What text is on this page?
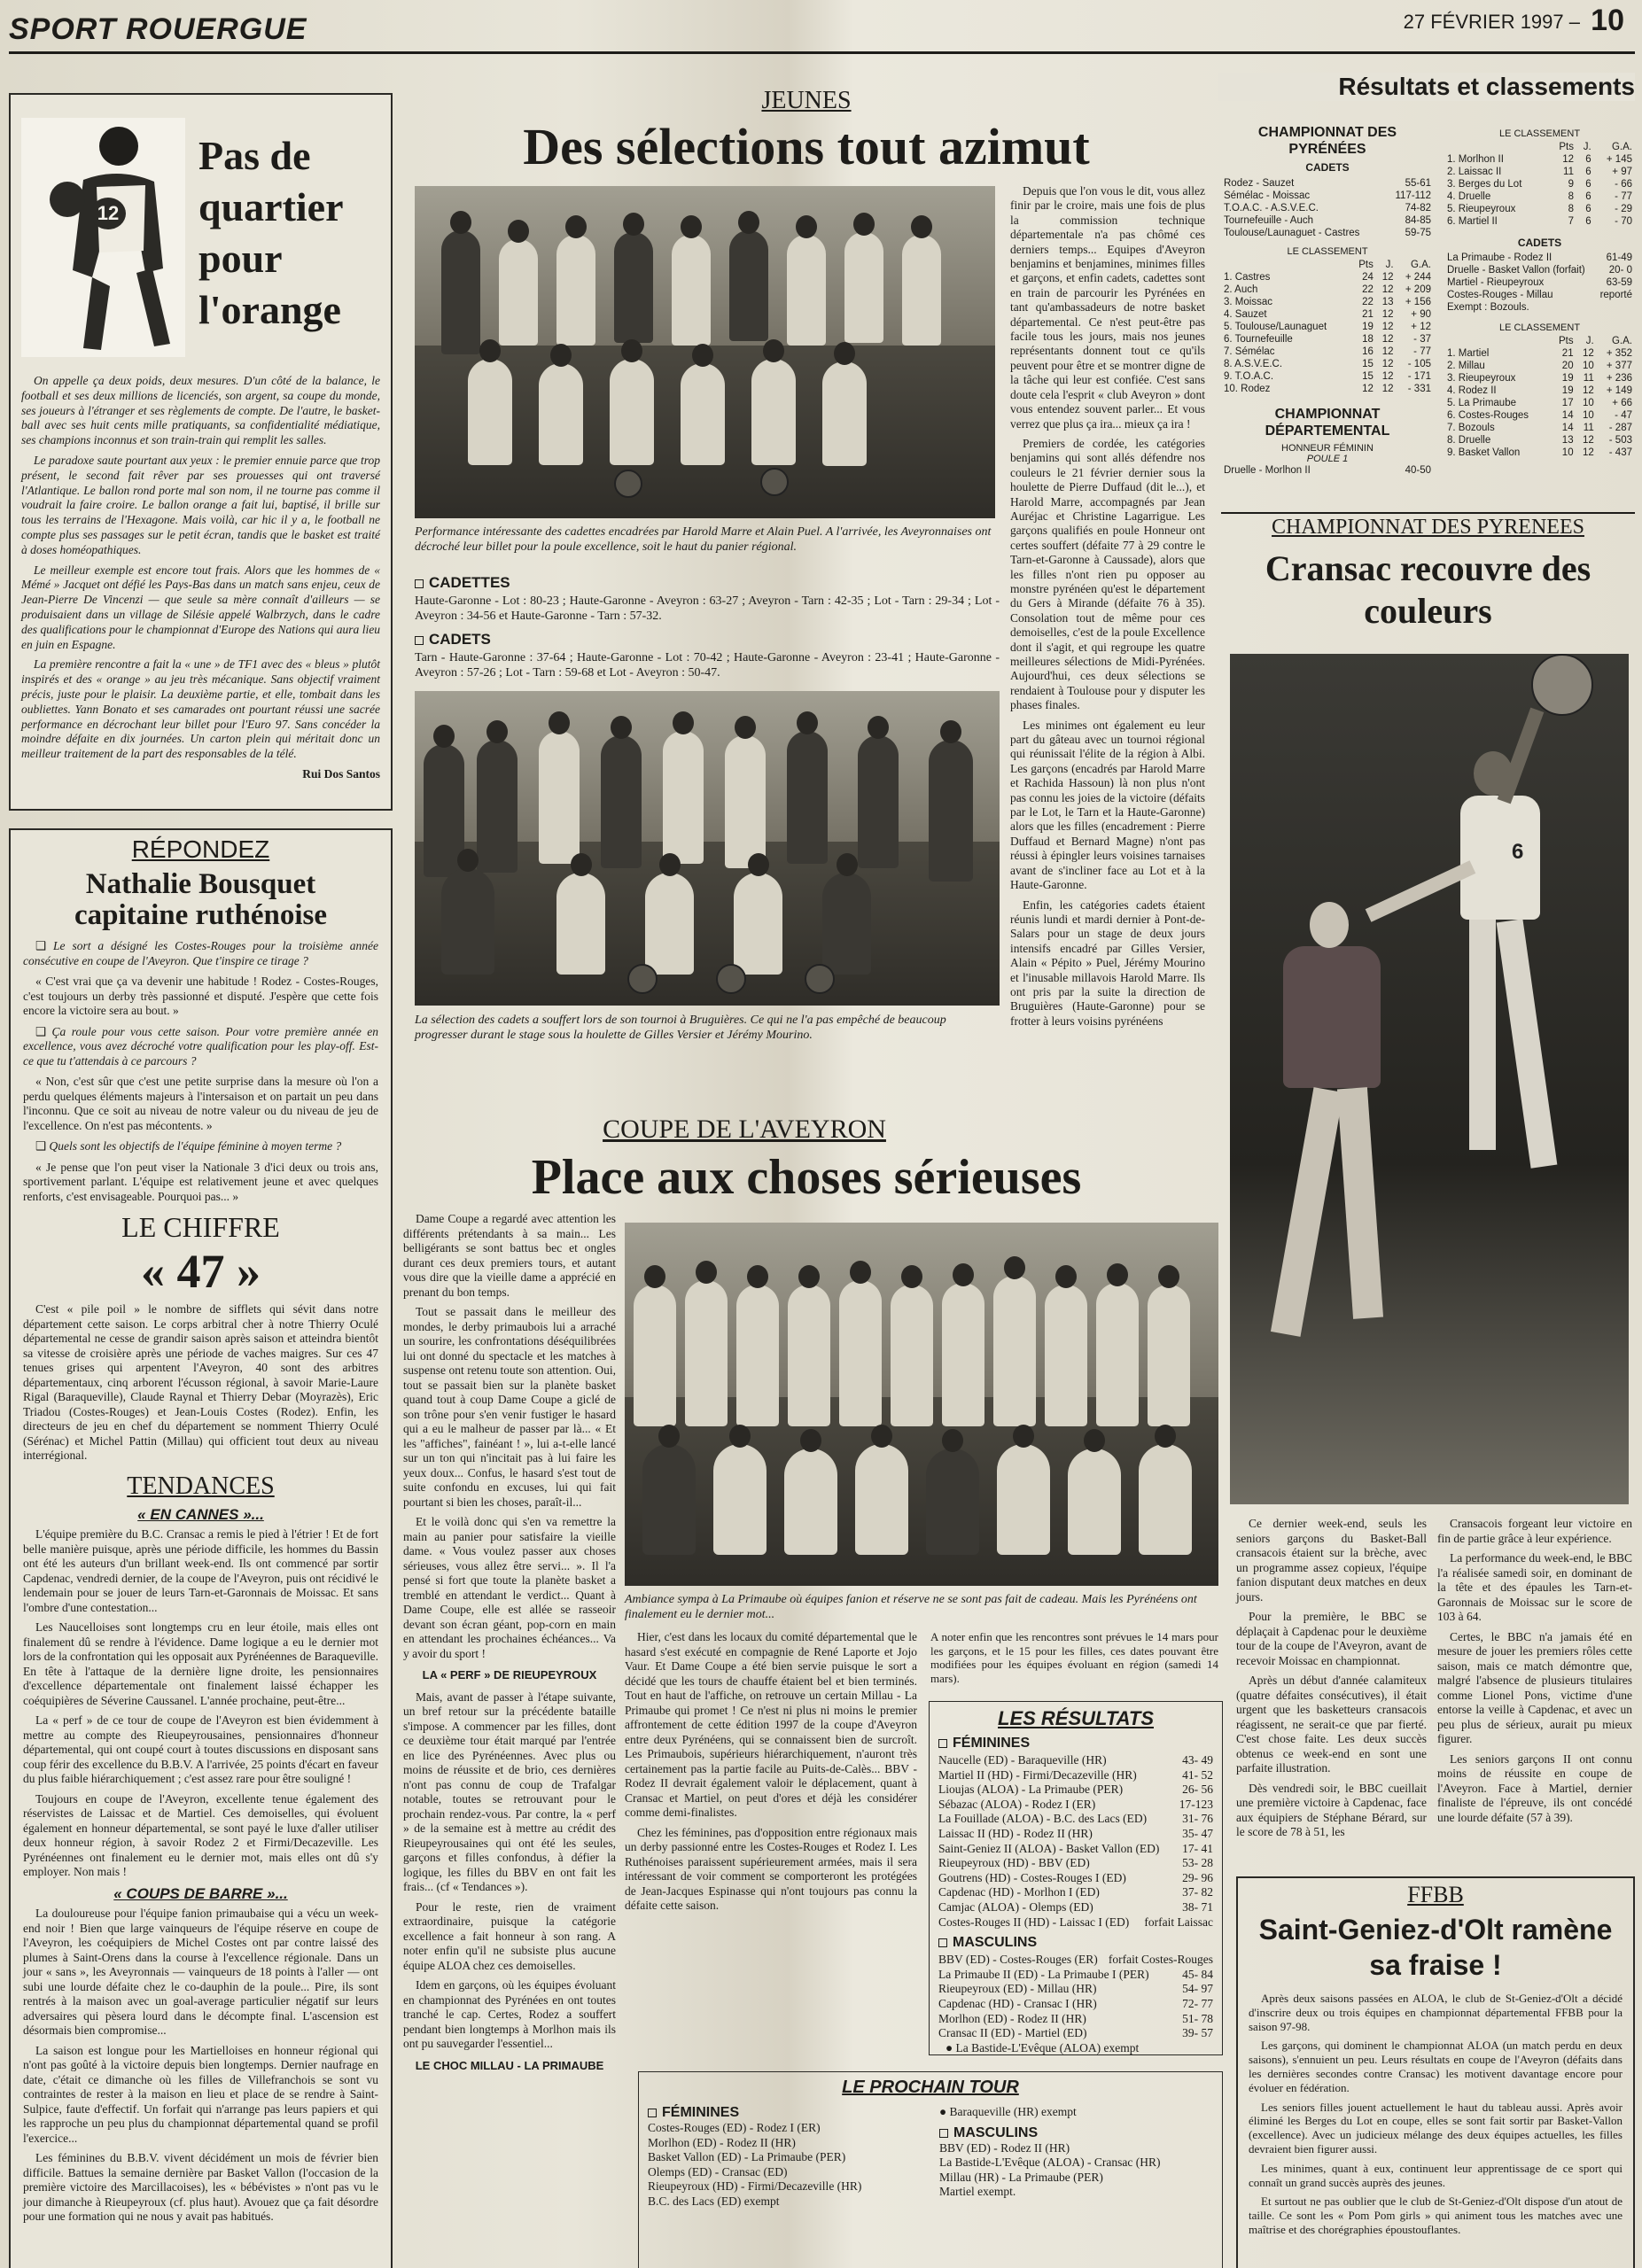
SPORT ROUERGUE	27 FÉVRIER 1997 – 10
12
Pas de quartier pour l'orange

On appelle ça deux poids, deux mesures. D'un côté de la balance, le football et ses deux millions de licenciés, son argent, sa coupe du monde, ses joueurs à l'étranger et ses règlements de compte. De l'autre, le basket-ball avec ses huit cents mille pratiquants, sa confidentialité médiatique, ses champions inconnus et son train-train qui remplit les salles.

Le paradoxe saute pourtant aux yeux : le premier ennuie parce que trop présent, le second fait rêver par ses prouesses qui ont traversé l'Atlantique. Le ballon rond porte mal son nom, il ne tourne pas comme il voudrait la faire croire. Le ballon orange a fait lui, baptisé, il brille sur tous les terrains de l'Hexagone. Mais voilà, car hic il y a, le football ne compte plus ses passages sur le petit écran, tandis que le basket est traité à doses homéopathiques.

Le meilleur exemple est encore tout frais. Alors que les hommes de « Mémé » Jacquet ont défié les Pays-Bas dans un match sans enjeu, ceux de Jean-Pierre De Vincenzi — que seule sa mère connaît d'ailleurs — se produisaient dans un village de Silésie appelé Walbrzych, dans le cadre des qualifications pour le championnat d'Europe des Nations qui aura lieu en juin en Espagne.

La première rencontre a fait la « une » de TF1 avec des « bleus » plutôt inspirés et des « orange » au jeu très mécanique. Sans objectif vraiment précis, juste pour le plaisir. La deuxième partie, et elle, tombait dans les oubliettes. Yann Bonato et ses camarades ont pourtant réussi une sacrée performance en décrochant leur billet pour l'Euro 97. Sans concéder la moindre défaite en dix journées. Un carton plein qui méritait donc un meilleur traitement de la part des responsables de la télé.

Rui Dos Santos
RÉPONDEZ
Nathalie Bousquet capitaine ruthénoise

❑ Le sort a désigné les Costes-Rouges pour la troisième année consécutive en coupe de l'Aveyron. Que t'inspire ce tirage ?

« C'est vrai que ça va devenir une habitude ! Rodez - Costes-Rouges, c'est toujours un derby très passionné et disputé. J'espère que cette fois encore la victoire sera au bout. »

❑ Ça roule pour vous cette saison. Pour votre première année en excellence, vous avez décroché votre qualification pour les play-off. Est-ce que tu t'attendais à ce parcours ?

« Non, c'est sûr que c'est une petite surprise dans la mesure où l'on a perdu quelques éléments majeurs à l'intersaison et on partait un peu dans l'inconnu. Que ce soit au niveau de notre valeur ou du niveau de jeu de l'excellence. On n'est pas mécontents. »

❑ Quels sont les objectifs de l'équipe féminine à moyen terme ?

« Je pense que l'on peut viser la Nationale 3 d'ici deux ou trois ans, sportivement parlant. L'équipe est relativement jeune et avec quelques renforts, c'est envisageable. Pourquoi pas... »

LE CHIFFRE
« 47 »

C'est « pile poil » le nombre de sifflets qui sévit dans notre département cette saison. Le corps arbitral cher à notre Thierry Oculé départemental ne cesse de grandir saison après saison et atteindra bientôt sa vitesse de croisière après une période de vaches maigres. Sur ces 47 tenues grises qui arpentent l'Aveyron, 40 sont des arbitres départementaux, cinq arborent l'écusson régional, à savoir Marie-Laure Rigal (Baraqueville), Claude Raynal et Thierry Debar (Moyrazès), Eric Triadou (Costes-Rouges) et Jean-Louis Costes (Rodez). Enfin, les directeurs de jeu en chef du département se nomment Thierry Oculé (Sérénac) et Michel Pattin (Millau) qui officient tout deux au niveau interrégional.

TENDANCES
« EN CANNES »...

L'équipe première du B.C. Cransac a remis le pied à l'étrier ! Et de fort belle manière puisque, après une période difficile, les hommes du Bassin ont été les auteurs d'un brillant week-end. Ils ont commencé par sortir Capdenac, vendredi dernier, de la coupe de l'Aveyron, puis ont récidivé le lendemain pour se jouer de leurs Tarn-et-Garonnais de Moissac. Et sans l'ombre d'une contestation...

Les Naucelloises sont longtemps cru en leur étoile, mais elles ont finalement dû se rendre à l'évidence. Dame logique a eu le dernier mot lors de la confrontation qui les opposait aux Pyrénéennes de Baraqueville. En tête à l'attaque de la dernière ligne droite, les pensionnaires d'excellence départementale ont finalement laissé échapper les coéquipières de Séverine Caussanel. L'année prochaine, peut-être...

La « perf » de ce tour de coupe de l'Aveyron est bien évidemment à mettre au compte des Rieupeyrousaines, pensionnaires d'honneur départemental, qui ont coupé court à toutes discussions en disposant sans coup férir des excellence du B.B.V. A l'arrivée, 25 points d'écart en faveur du plus faible hiérarchiquement ; c'est assez rare pour être souligné !

Toujours en coupe de l'Aveyron, excellente tenue également des réservistes de Laissac et de Martiel. Ces demoiselles, qui évoluent également en honneur départemental, se sont payé le luxe d'aller utiliser deux honneur région, à savoir Rodez 2 et Firmi/Decazeville. Les Pyrénéennes ont finalement eu le dernier mot, mais elles ont dû s'y employer. Non mais !

« COUPS DE BARRE »...

La douloureuse pour l'équipe fanion primaubaise qui a vécu un week-end noir ! Bien que large vainqueurs de l'équipe réserve en coupe de l'Aveyron, les coéquipiers de Michel Costes ont par contre laissé des plumes à Saint-Orens dans la course à l'excellence régionale. Dans un jour « sans », les Aveyronnais — vainqueurs de 18 points à l'aller — ont subi une lourde défaite chez le co-dauphin de la poule... Pire, ils sont rentrés à la maison avec un goal-average particulier négatif sur leurs adversaires qui pèsera lourd dans le décompte final. L'ascension est désormais bien compromise...

La saison est longue pour les Martielloises en honneur régional qui n'ont pas goûté à la victoire depuis bien longtemps. Dernier naufrage en date, c'était ce dimanche où les filles de Villefranchois se sont vu contraintes de rester à la maison en lieu et place de se rendre à Saint-Sulpice, faute d'effectif. Un forfait qui n'arrange pas leurs papiers et qui les rapproche un peu plus du championnat départemental quand se profil l'exercice...

Les féminines du B.B.V. vivent décidément un mois de février bien difficile. Battues la semaine dernière par Basket Vallon (l'occasion de la première victoire des Marcillacoises), les « bébévistes » n'ont pas vu le jour dimanche à Rieupeyroux (cf. plus haut). Avouez que ça fait désordre pour une formation qui ne nous y avait pas habitués.

JEUNES
Des sélections tout azimut
Performance intéressante des cadettes encadrées par Harold Marre et Alain Puel. A l'arrivée, les Aveyronnaises ont décroché leur billet pour la poule excellence, soit le haut du panier régional.
CADETTES
Haute-Garonne - Lot : 80-23 ; Haute-Garonne - Aveyron : 63-27 ; Aveyron - Tarn : 42-35 ; Lot - Tarn : 29-34 ; Lot - Aveyron : 34-56 et Haute-Garonne - Tarn : 57-32.
CADETS
Tarn - Haute-Garonne : 37-64 ; Haute-Garonne - Lot : 70-42 ; Haute-Garonne - Aveyron : 23-41 ; Haute-Garonne - Aveyron : 57-26 ; Lot - Tarn : 59-68 et Lot - Aveyron : 50-47.
La sélection des cadets a souffert lors de son tournoi à Bruguières. Ce qui ne l'a pas empêché de beaucoup progresser durant le stage sous la houlette de Gilles Versier et Jérémy Mourino.

Depuis que l'on vous le dit, vous allez finir par le croire, mais une fois de plus la commission technique départementale n'a pas chômé ces derniers temps... Equipes d'Aveyron benjamins et benjamines, minimes filles et garçons, et enfin cadets, cadettes sont en train de parcourir les Pyrénées en tant qu'ambassadeurs de notre basket départemental. Ce n'est peut-être pas facile tous les jours, mais nos jeunes représentants donnent tout ce qu'ils peuvent pour être et se montrer digne de la tâche qui leur est confiée. C'est sans doute cela l'esprit « club Aveyron » dont vous entendez souvent parler... Et vous verrez que plus ça ira... mieux ça ira !

Premiers de cordée, les catégories benjamins qui sont allés défendre nos couleurs le 21 février dernier sous la houlette de Pierre Duffaud (dit le...), et Harold Marre, accompagnés par Jean Auréjac et Christine Lagarrigue. Les garçons qualifiés en poule Honneur ont certes souffert (défaite 77 à 29 contre le Tarn-et-Garonne à Caussade), alors que les filles n'ont rien pu opposer au monstre pyrénéen qu'est le département du Gers à Mirande (défaite 76 à 35). Consolation tout de même pour ces demoiselles, c'est de la poule Excellence dont il s'agit, et qui regroupe les quatre meilleures sélections de Midi-Pyrénées. Aujourd'hui, ces deux sélections se rendaient à Toulouse pour y disputer les phases finales.

Les minimes ont également eu leur part du gâteau avec un tournoi régional qui réunissait l'élite de la région à Albi. Les garçons (encadrés par Harold Marre et Rachida Hassoun) là non plus n'ont pas connu les joies de la victoire (défaits par le Lot, le Tarn et la Haute-Garonne) alors que les filles (encadrement : Pierre Duffaud et Bernard Magne) n'ont pas réussi à épingler leurs voisines tarnaises avant de s'incliner face au Lot et à la Haute-Garonne.

Enfin, les catégories cadets étaient réunis lundi et mardi dernier à Pont-de-Salars pour un stage de deux jours intensifs encadré par Gilles Versier, Alain « Pépito » Puel, Jérémy Mourino et l'inusable millavois Harold Marre. Ils ont pris par la suite la direction de Bruguières (Haute-Garonne) pour se frotter à leurs voisins pyrénéens

COUPE DE L'AVEYRON
Place aux choses sérieuses

Dame Coupe a regardé avec attention les différents prétendants à sa main... Les belligérants se sont battus bec et ongles durant ces deux premiers tours, et autant vous dire que la vieille dame a apprécié en prenant du bon temps.

Tout se passait dans le meilleur des mondes, le derby primaubois lui a arraché un sourire, les confrontations déséquilibrées lui ont donné du spectacle et les matches à suspense ont retenu toute son attention. Oui, tout se passait bien sur la planète basket quand tout à coup Dame Coupe a giclé de son trône pour s'en venir fustiger le hasard qui a eu le malheur de passer par là... « Et les "affiches", fainéant ! », lui a-t-elle lancé sur un ton qui n'incitait pas à lui faire les yeux doux... Confus, le hasard s'est tout de suite confondu en excuses, lui qui fait pourtant si bien les choses, paraît-il...

Et le voilà donc qui s'en va remettre la main au panier pour satisfaire la vieille dame. « Vous voulez passer aux choses sérieuses, vous allez être servi... ». Il l'a pensé si fort que toute la planète basket a tremblé en attendant le verdict... Quant à Dame Coupe, elle est allée se rasseoir devant son écran géant, pop-corn en main en attendant les prochaines échéances... Va y avoir du sport !

LA « PERF » DE RIEUPEYROUX

Mais, avant de passer à l'étape suivante, un bref retour sur la précédente bataille s'impose. A commencer par les filles, dont ce deuxième tour était marqué par l'entrée en lice des Pyrénéennes. Avec plus ou moins de réussite et de brio, ces dernières n'ont pas connu de coup de Trafalgar notable, toutes se retrouvant pour le prochain rendez-vous. Par contre, la « perf » de la semaine est à mettre au crédit des Rieupeyrousaines qui ont été les seules, garçons et filles confondus, à défier la logique, les filles du BBV en ont fait les frais... (cf « Tendances »).

Pour le reste, rien de vraiment extraordinaire, puisque la catégorie excellence a fait honneur à son rang. A noter enfin qu'il ne subsiste plus aucune équipe ALOA chez ces demoiselles.

Idem en garçons, où les équipes évoluant en championnat des Pyrénées en ont toutes tranché le cap. Certes, Rodez a souffert pendant bien longtemps à Morlhon mais ils ont pu sauvegarder l'essentiel...

LE CHOC MILLAU - LA PRIMAUBE
Ambiance sympa à La Primaube où équipes fanion et réserve ne se sont pas fait de cadeau. Mais les Pyrénéens ont finalement eu le dernier mot...

Hier, c'est dans les locaux du comité départemental que le hasard s'est exécuté en compagnie de René Laporte et Jojo Vaur. Et Dame Coupe a été bien servie puisque le sort a décidé que les tours de chauffe étaient bel et bien terminés. Tout en haut de l'affiche, on retrouve un certain Millau - La Primaube qui promet ! Ce n'est ni plus ni moins le premier affrontement de cette édition 1997 de la coupe d'Aveyron entre deux Pyrénéens, qui se connaissent bien de surcroît. Les Primaubois, supérieurs hiérarchiquement, n'auront très certainement pas la partie facile au Puits-de-Calès... BBV - Rodez II devrait également valoir le déplacement, quant à Cransac et Martiel, on peut d'ores et déjà les considérer comme demi-finalistes.

Chez les féminines, pas d'opposition entre régionaux mais un derby passionné entre les Costes-Rouges et Rodez I. Les Ruthénoises paraissent supérieurement armées, mais il sera intéressant de voir comment se comporteront les protégées de Jean-Jacques Espinasse qui n'ont toujours pas connu la défaite cette saison.

A noter enfin que les rencontres sont prévues le 14 mars pour les garçons, et le 15 pour les filles, ces dates pouvant être modifiées pour les équipes évoluant en région (samedi 14 mars).
LES RÉSULTATS
FÉMININES
Naucelle (ED) - Baraqueville (HR)	43- 49
Martiel II (HD) - Firmi/Decazeville (HR)	41- 52
Lioujas (ALOA) - La Primaube (PER)	26- 56
Sébazac (ALOA) - Rodez I (ER)	17-123
La Fouillade (ALOA) - B.C. des Lacs (ED)	31- 76
Laissac II (HD) - Rodez II (HR)	35- 47
Saint-Geniez II (ALOA) - Basket Vallon (ED)	17- 41
Rieupeyroux (HD) - BBV (ED)	53- 28
Goutrens (HD) - Costes-Rouges I (ED)	29- 96
Capdenac (HD) - Morlhon I (ED)	37- 82
Camjac (ALOA) - Olemps (ED)	38- 71
Costes-Rouges II (HD) - Laissac I (ED)	forfait Laissac
MASCULINS
BBV (ED) - Costes-Rouges (ER) forfait Costes-Rouges
La Primaube II (ED) - La Primaube I (PER)	45- 84
Rieupeyroux (ED) - Millau (HR)	54- 97
Capdenac (HD) - Cransac I (HR)	72- 77
Morlhon (ED) - Rodez II (HR)	51- 78
Cransac II (ED) - Martiel (ED)	39- 57
● La Bastide-L'Evêque (ALOA) exempt
LE PROCHAIN TOUR
FÉMININES
Costes-Rouges (ED) - Rodez I (ER)
Morlhon (ED) - Rodez II (HR)
Basket Vallon (ED) - La Primaube (PER)
Olemps (ED) - Cransac (ED)
Rieupeyroux (HD) - Firmi/Decazeville (HR)
B.C. des Lacs (ED) exempt
● Baraqueville (HR) exempt
MASCULINS
BBV (ED) - Rodez II (HR)
La Bastide-L'Evêque (ALOA) - Cransac (HR)
Millau (HR) - La Primaube (PER)
Martiel exempt.
Résultats et classements
CHAMPIONNAT DES PYRÉNÉES
CADETS
Rodez - Sauzet	55-61
Sémélac - Moissac	117-112
T.O.A.C. - A.S.V.E.C.	74-82
Tournefeuille - Auch	84-85
Toulouse/Launaguet - Castres	59-75
LE CLASSEMENT
	Pts	J.	G.A.
1. Castres	24	12	+ 244
2. Auch	22	12	+ 209
3. Moissac	22	13	+ 156
4. Sauzet	21	12	+ 90
5. Toulouse/Launaguet	19	12	+ 12
6. Tournefeuille	18	12	- 37
7. Sémélac	16	12	- 77
8. A.S.V.E.C.	15	12	- 105
9. T.O.A.C.	15	12	- 171
10. Rodez	12	12	- 331
CHAMPIONNAT DÉPARTEMENTAL
HONNEUR FÉMININ
POULE 1
Druelle - Morlhon II	40-50
LE CLASSEMENT
	Pts	J.	G.A.
1. Morlhon II	12	6	+ 145
2. Laissac II	11	6	+ 97
3. Berges du Lot	9	6	- 66
4. Druelle	8	6	- 77
5. Rieupeyroux	8	6	- 29
6. Martiel II	7	6	- 70
CADETS
La Primaube - Rodez II	61-49
Druelle - Basket Vallon (forfait)	20- 0
Martiel - Rieupeyroux	63-59
Costes-Rouges - Millau	reporté
Exempt : Bozouls.	
LE CLASSEMENT
	Pts	J.	G.A.
1. Martiel	21	12	+ 352
2. Millau	20	10	+ 377
3. Rieupeyroux	19	11	+ 236
4. Rodez II	19	12	+ 149
5. La Primaube	17	10	+ 66
6. Costes-Rouges	14	10	- 47
7. Bozouls	14	11	- 287
8. Druelle	13	12	- 503
9. Basket Vallon	10	12	- 437
CHAMPIONNAT DES PYRENEES
Cransac recouvre des couleurs
6

Ce dernier week-end, seuls les seniors garçons du Basket-Ball cransacois étaient sur la brèche, avec un programme assez copieux, l'équipe fanion disputant deux matches en deux jours.

Pour la première, le BBC se déplaçait à Capdenac pour le deuxième tour de la coupe de l'Aveyron, avant de recevoir Moissac en championnat.

Après un début d'année calamiteux (quatre défaites consécutives), il était urgent que les basketteurs cransacois réagissent, ne serait-ce que par fierté. C'est chose faite. Les deux succès obtenus ce week-end en sont une parfaite illustration.

Dès vendredi soir, le BBC cueillait une première victoire à Capdenac, face aux équipiers de Stéphane Bérard, sur le score de 78 à 51, les

Cransacois forgeant leur victoire en fin de partie grâce à leur expérience.

La performance du week-end, le BBC l'a réalisée samedi soir, en dominant de la tête et des épaules les Tarn-et-Garonnais de Moissac sur le score de 103 à 64.

Certes, le BBC n'a jamais été en mesure de jouer les premiers rôles cette saison, mais ce match démontre que, malgré l'absence de plusieurs titulaires comme Lionel Pons, victime d'une entorse la veille à Capdenac, et avec un peu plus de sérieux, aurait pu mieux figurer.

Les seniors garçons II ont connu moins de réussite en coupe de l'Aveyron. Face à Martiel, dernier finaliste de l'épreuve, ils ont concédé une lourde défaite (57 à 39).

FFBB
Saint-Geniez-d'Olt ramène sa fraise !

Après deux saisons passées en ALOA, le club de St-Geniez-d'Olt a décidé d'inscrire deux ou trois équipes en championnat départemental FFBB pour la saison 97-98.

Les garçons, qui dominent le championnat ALOA (un match perdu en deux saisons), s'ennuient un peu. Leurs résultats en coupe de l'Aveyron (défaits dans les dernières secondes contre Cransac) les motivent davantage encore pour évoluer en fédération.

Les seniors filles jouent actuellement le haut du tableau aussi. Après avoir éliminé les Berges du Lot en coupe, elles se sont fait sortir par Basket-Vallon (excellence). Avec un judicieux mélange des deux équipes actuelles, les filles devraient bien figurer aussi.

Les minimes, quant à eux, continuent leur apprentissage de ce sport qui connaît un grand succès auprès des jeunes.

Et surtout ne pas oublier que le club de St-Geniez-d'Olt dispose d'un atout de taille. Ce sont les « Pom Pom girls » qui animent tous les matches avec une maîtrise et des chorégraphies époustouflantes.
